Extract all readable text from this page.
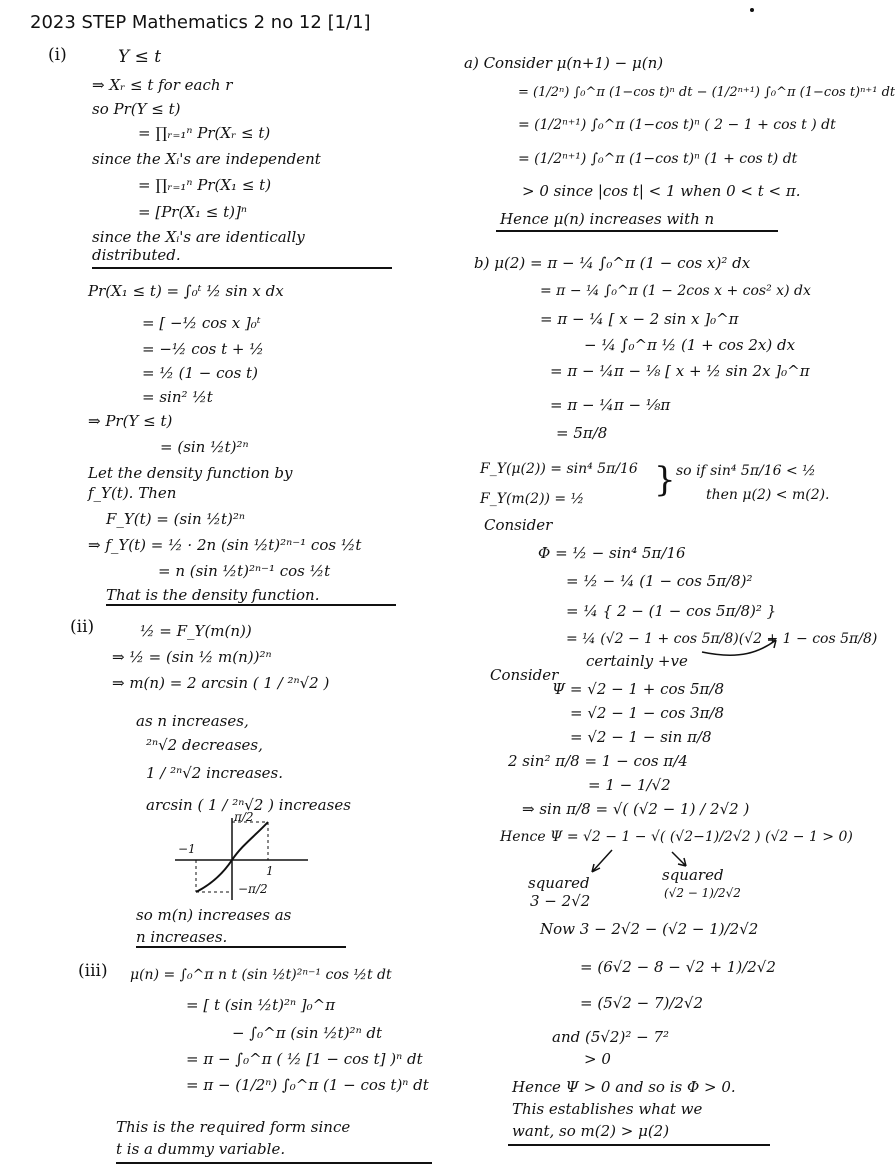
2023 STEP Mathematics 2 no 12 [1/1]
(i)	Y ≤ t
⇒ Xᵣ ≤ t for each r
so Pr(Y ≤ t)
= ∏ᵣ₌₁ⁿ Pr(Xᵣ ≤ t)
since the Xᵢ's are independent
= ∏ᵣ₌₁ⁿ Pr(X₁ ≤ t)
= [Pr(X₁ ≤ t)]ⁿ
since the Xᵢ's are identically
distributed.
Pr(X₁ ≤ t) = ∫₀ᵗ ½ sin x dx
= [ −½ cos x ]₀ᵗ
= −½ cos t + ½
= ½ (1 − cos t)
= sin² ½t
⇒ Pr(Y ≤ t)
= (sin ½t)²ⁿ
Let the density function by
f_Y(t). Then
F_Y(t) = (sin ½t)²ⁿ
⇒ f_Y(t) = ½ · 2n (sin ½t)²ⁿ⁻¹ cos ½t
= n (sin ½t)²ⁿ⁻¹ cos ½t
That is the density function.
(ii)	½ = F_Y(m(n))
⇒ ½ = (sin ½ m(n))²ⁿ
⇒ m(n) = 2 arcsin ( 1 / ²ⁿ√2 )
as n increases,
²ⁿ√2 decreases,
1 / ²ⁿ√2 increases.
arcsin ( 1 / ²ⁿ√2 ) increases
π/2
−1
1
−π/2
so m(n) increases as
n increases.
(iii) μ(n) = ∫₀^π n t (sin ½t)²ⁿ⁻¹ cos ½t dt
= [ t (sin ½t)²ⁿ ]₀^π
− ∫₀^π (sin ½t)²ⁿ dt
= π − ∫₀^π ( ½ [1 − cos t] )ⁿ dt
= π − (1/2ⁿ) ∫₀^π (1 − cos t)ⁿ dt
This is the required form since
t is a dummy variable.
a) Consider μ(n+1) − μ(n)
= (1/2ⁿ) ∫₀^π (1−cos t)ⁿ dt − (1/2ⁿ⁺¹) ∫₀^π (1−cos t)ⁿ⁺¹ dt
= (1/2ⁿ⁺¹) ∫₀^π (1−cos t)ⁿ ( 2 − 1 + cos t ) dt
= (1/2ⁿ⁺¹) ∫₀^π (1−cos t)ⁿ (1 + cos t) dt
> 0 since |cos t| < 1 when 0 < t < π.
Hence μ(n) increases with n
b) μ(2) = π − ¼ ∫₀^π (1 − cos x)² dx
= π − ¼ ∫₀^π (1 − 2cos x + cos² x) dx
= π − ¼ [ x − 2 sin x ]₀^π
− ¼ ∫₀^π ½ (1 + cos 2x) dx
= π − ¼π − ⅛ [ x + ½ sin 2x ]₀^π
= π − ¼π − ⅛π
= 5π/8
F_Y(μ(2)) = sin⁴ 5π/16
F_Y(m(2)) = ½ } so if sin⁴ 5π/16 < ½
then μ(2) < m(2).
Consider
Φ = ½ − sin⁴ 5π/16
= ½ − ¼ (1 − cos 5π/8)²
= ¼ { 2 − (1 − cos 5π/8)² }
= ¼ (√2 − 1 + cos 5π/8)(√2 + 1 − cos 5π/8)
certainly +ve
Consider
Ψ = √2 − 1 + cos 5π/8
= √2 − 1 − cos 3π/8
= √2 − 1 − sin π/8
2 sin² π/8 = 1 − cos π/4
= 1 − 1/√2
⇒ sin π/8 = √( (√2 − 1) / 2√2 )
Hence Ψ = √2 − 1 − √( (√2−1)/2√2 ) (√2 − 1 > 0)
squared
3 − 2√2
squared
(√2 − 1)/2√2
Now 3 − 2√2 − (√2 − 1)/2√2
= (6√2 − 8 − √2 + 1)/2√2
= (5√2 − 7)/2√2
and (5√2)² − 7²
> 0
Hence Ψ > 0 and so is Φ > 0.
This establishes what we
want, so m(2) > μ(2)
